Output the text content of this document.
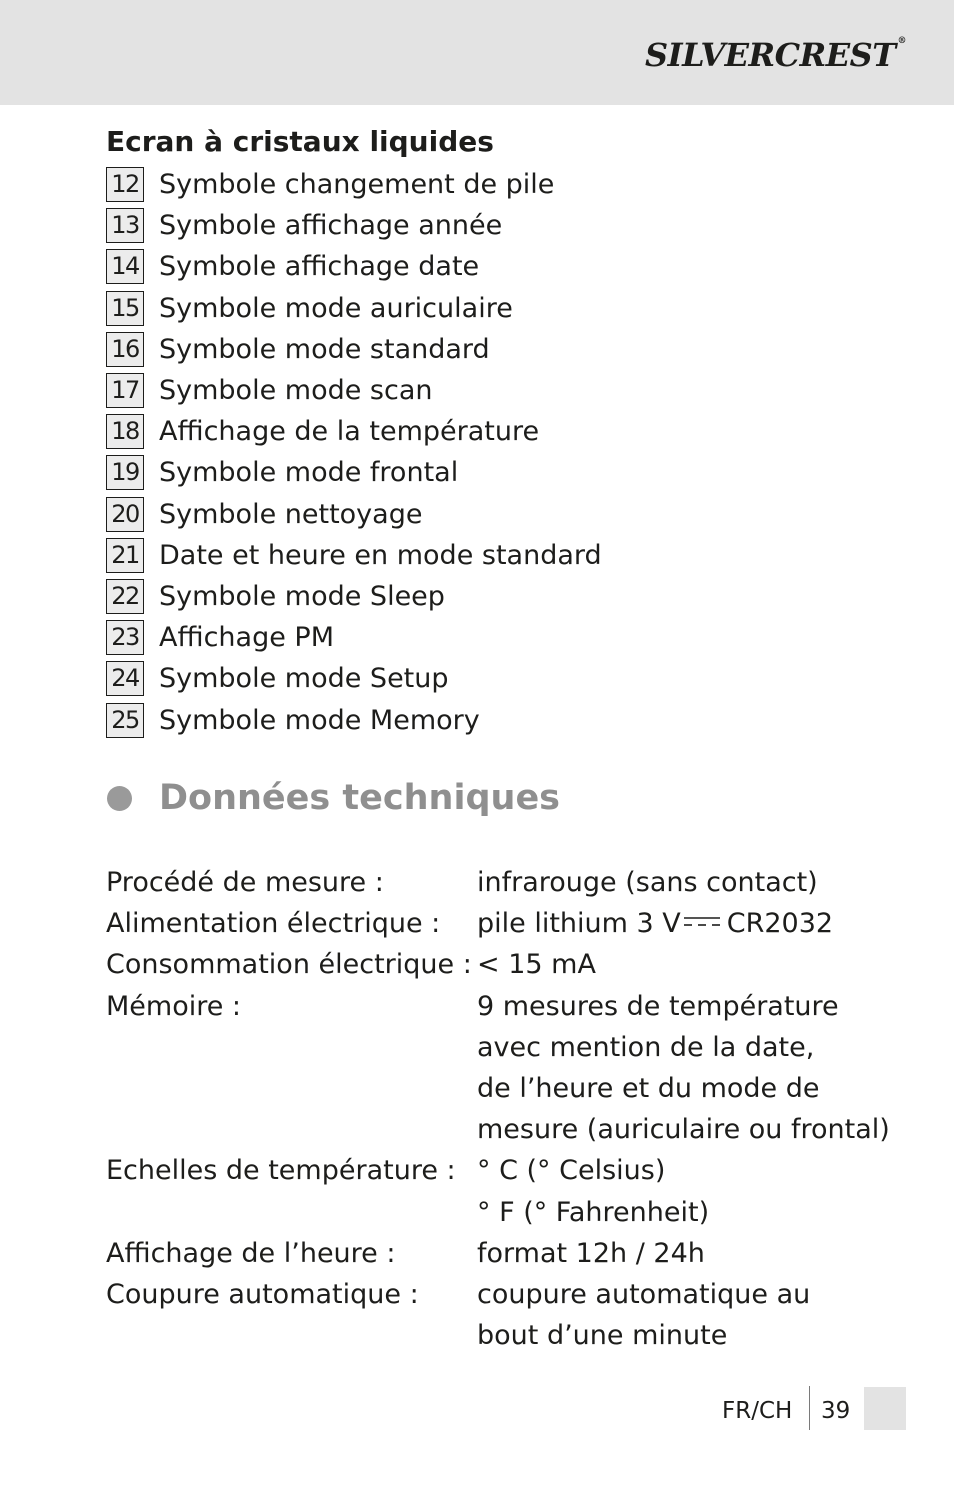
SILVERCREST ®
Ecran à cristaux liquides
12 Symbole changement de pile
13 Symbole affichage année
14 Symbole affichage date
15 Symbole mode auriculaire
16 Symbole mode standard
17 Symbole mode scan
18 Affichage de la température
19 Symbole mode frontal
20 Symbole nettoyage
21 Date et heure en mode standard
22 Symbole mode Sleep
23 Affichage PM
24 Symbole mode Setup
25 Symbole mode Memory
Données techniques
Procédé de mesure :	infrarouge (sans contact)
Alimentation électrique :	pile lithium 3 V CR2032
Consommation électrique : < 15 mA
Mémoire :	9 mesures de température
avec mention de la date,
de l’heure et du mode de
mesure (auriculaire ou frontal)
Echelles de température : ° C (° Celsius)
° F (° Fahrenheit)
Affichage de l’heure :	format 12h / 24h
Coupure automatique :	coupure automatique au
bout d’une minute
FR/CH 39
